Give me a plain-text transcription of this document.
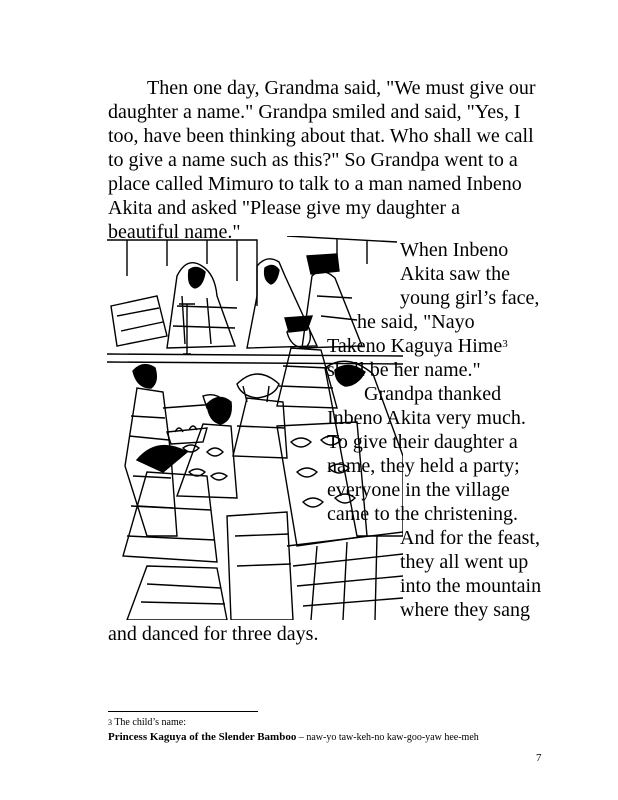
Then one day, Grandma said, "We must give our
daughter a name." Grandpa smiled and said, "Yes, I
too, have been thinking about that. Who shall we call
to give a name such as this?" So Grandpa went to a
place called Mimuro to talk to a man named Inbeno
Akita and asked "Please give my daughter a
beautiful name."
When Inbeno
Akita saw the
young girl’s face,
he said, "Nayo
Takeno Kaguya Hime$^3$
shall be her name."
Grandpa thanked
Inbeno Akita very much.
To give their daughter a
name, they held a party;
everyone in the village
came to the christening.
And for the feast,
they all went up
into the mountain
where they sang
and danced for three days.
$^3$ The child’s name:
Princess Kaguya of the Slender Bamboo – naw-yo taw-keh-no kaw-goo-yaw hee-meh
7
